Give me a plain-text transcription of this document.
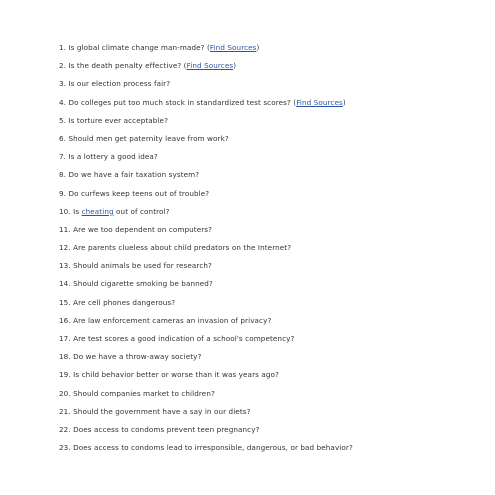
1. Is global climate change man-made? (Find Sources)
2. Is the death penalty effective? (Find Sources)
3. Is our election process fair?
4. Do colleges put too much stock in standardized test scores? (Find Sources)
5. Is torture ever acceptable?
6. Should men get paternity leave from work?
7. Is a lottery a good idea?
8. Do we have a fair taxation system?
9. Do curfews keep teens out of trouble?
10. Is cheating out of control?
11. Are we too dependent on computers?
12. Are parents clueless about child predators on the Internet?
13. Should animals be used for research?
14. Should cigarette smoking be banned?
15. Are cell phones dangerous?
16. Are law enforcement cameras an invasion of privacy?
17. Are test scores a good indication of a school's competency?
18. Do we have a throw-away society?
19. Is child behavior better or worse than it was years ago?
20. Should companies market to children?
21. Should the government have a say in our diets?
22. Does access to condoms prevent teen pregnancy?
23. Does access to condoms lead to irresponsible, dangerous, or bad behavior?
